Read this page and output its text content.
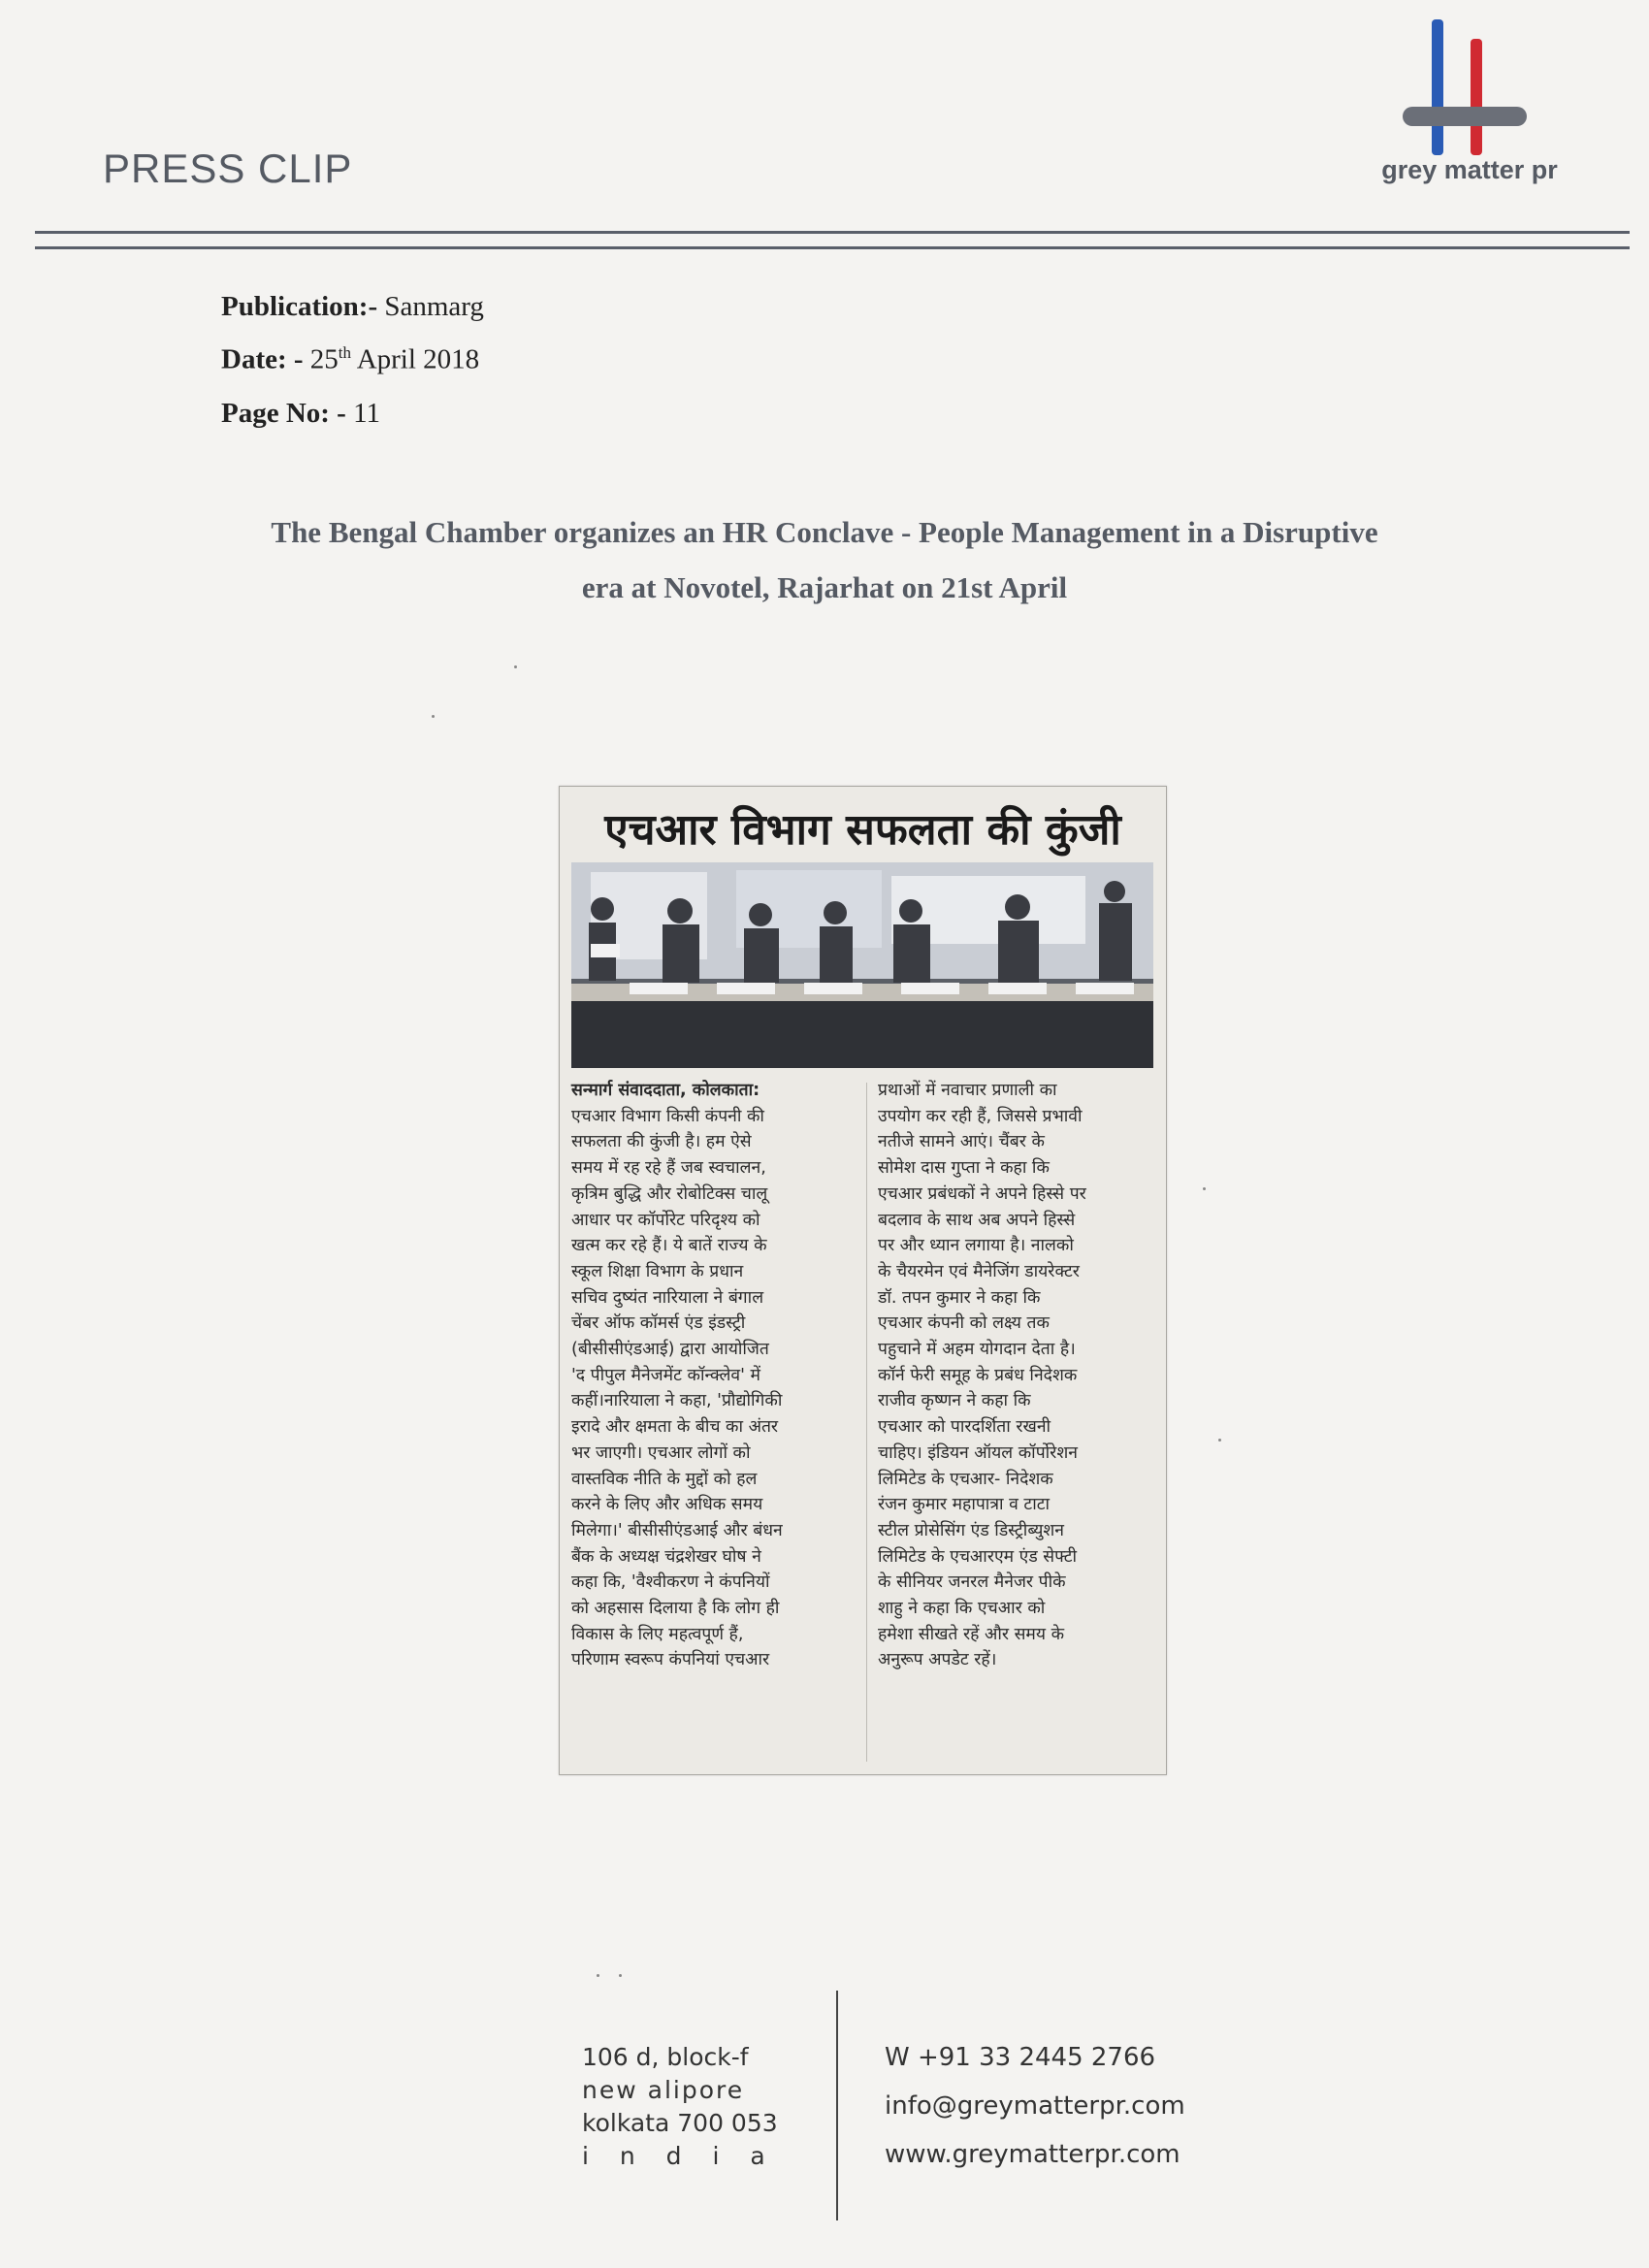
PRESS CLIP	grey matter pr
Publication:- Sanmarg
Date: - 25th April 2018
Page No: - 11
The Bengal Chamber organizes an HR Conclave - People Management in a Disruptive
era at Novotel, Rajarhat on 21st April
एचआर विभाग सफलता की कुंजी
सन्मार्ग संवाददाता, कोलकाता:
एचआर विभाग किसी कंपनी की
सफलता की कुंजी है। हम ऐसे
समय में रह रहे हैं जब स्वचालन,
कृत्रिम बुद्धि और रोबोटिक्स चालू
आधार पर कॉर्पोरेट परिदृश्य को
खत्म कर रहे हैं। ये बातें राज्य के
स्कूल शिक्षा विभाग के प्रधान
सचिव दुष्यंत नारियाला ने बंगाल
चेंबर ऑफ कॉमर्स एंड इंडस्ट्री
(बीसीसीएंडआई) द्वारा आयोजित
'द पीपुल मैनेजमेंट कॉन्क्लेव' में
कहीं।नारियाला ने कहा, 'प्रौद्योगिकी
इरादे और क्षमता के बीच का अंतर
भर जाएगी। एचआर लोगों को
वास्तविक नीति के मुद्दों को हल
करने के लिए और अधिक समय
मिलेगा।' बीसीसीएंडआई और बंधन
बैंक के अध्यक्ष चंद्रशेखर घोष ने
कहा कि, 'वैश्वीकरण ने कंपनियों
को अहसास दिलाया है कि लोग ही
विकास के लिए महत्वपूर्ण हैं,
परिणाम स्वरूप कंपनियां एचआर
प्रथाओं में नवाचार प्रणाली का
उपयोग कर रही हैं, जिससे प्रभावी
नतीजे सामने आएं। चैंबर के
सोमेश दास गुप्ता ने कहा कि
एचआर प्रबंधकों ने अपने हिस्से पर
बदलाव के साथ अब अपने हिस्से
पर और ध्यान लगाया है। नालको
के चैयरमेन एवं मैनेजिंग डायरेक्टर
डॉ. तपन कुमार ने कहा कि
एचआर कंपनी को लक्ष्य तक
पहुचाने में अहम योगदान देता है।
कॉर्न फेरी समूह के प्रबंध निदेशक
राजीव कृष्णन ने कहा कि
एचआर को पारदर्शिता रखनी
चाहिए। इंडियन ऑयल कॉर्पोरेशन
लिमिटेड के एचआर- निदेशक
रंजन कुमार महापात्रा व टाटा
स्टील प्रोसेसिंग एंड डिस्ट्रीब्युशन
लिमिटेड के एचआरएम एंड सेफ्टी
के सीनियर जनरल मैनेजर पीके
शाहु ने कहा कि एचआर को
हमेशा सीखते रहें और समय के
अनुरूप अपडेट रहें।
106 d, block-f
new alipore
kolkata 700 053
i n d i a
W +91 33 2445 2766
info@greymatterpr.com
www.greymatterpr.com
